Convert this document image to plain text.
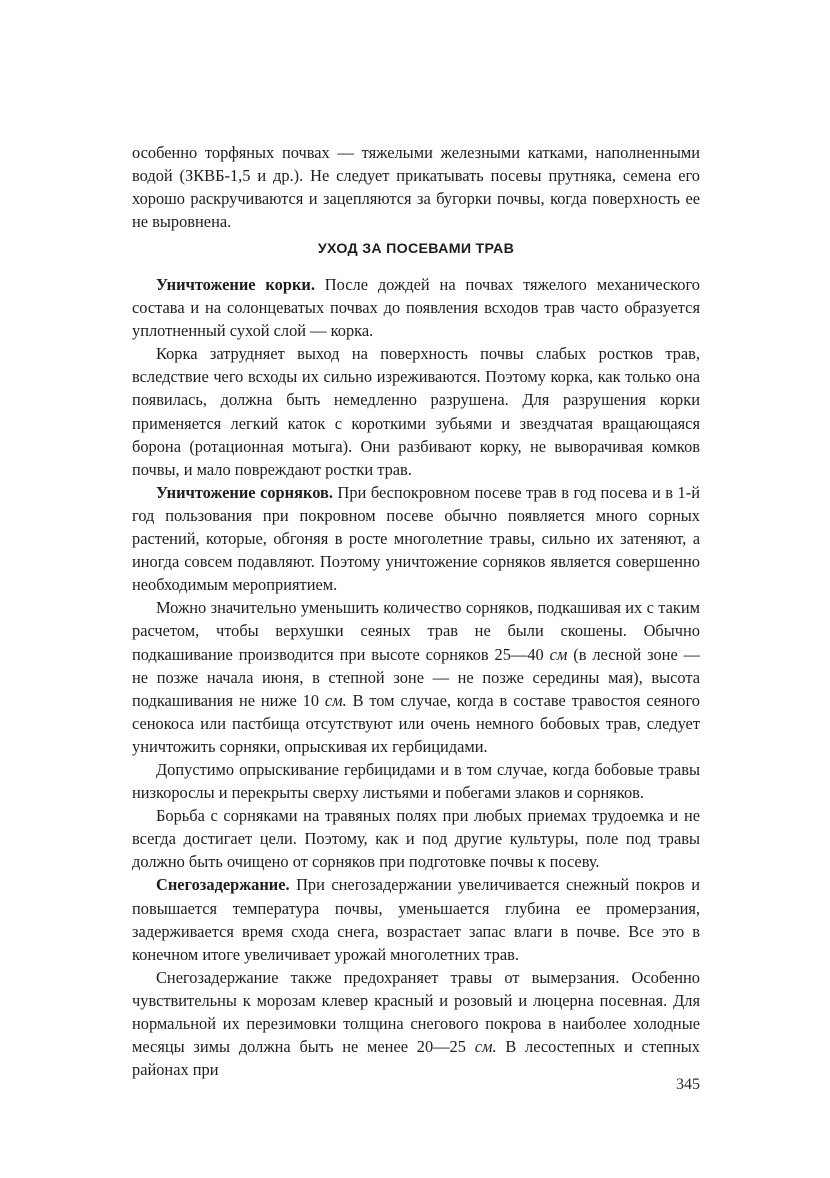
особенно торфяных почвах — тяжелыми железными катками, наполненными водой (ЗКВБ-1,5 и др.). Не следует прикатывать посевы прутняка, семена его хорошо раскручиваются и зацепляются за бугорки почвы, когда поверхность ее не выровнена.

УХОД ЗА ПОСЕВАМИ ТРАВ

Уничтожение корки. После дождей на почвах тяжелого механического состава и на солонцеватых почвах до появления всходов трав часто образуется уплотненный сухой слой — корка.

Корка затрудняет выход на поверхность почвы слабых ростков трав, вследствие чего всходы их сильно изреживаются. Поэтому корка, как только она появилась, должна быть немедленно разрушена. Для разрушения корки применяется легкий каток с короткими зубьями и звездчатая вращающаяся борона (ротационная мотыга). Они разбивают корку, не выворачивая комков почвы, и мало повреждают ростки трав.

Уничтожение сорняков. При беспокровном посеве трав в год посева и в 1-й год пользования при покровном посеве обычно появляется много сорных растений, которые, обгоняя в росте многолетние травы, сильно их затеняют, а иногда совсем подавляют. Поэтому уничтожение сорняков является совершенно необходимым мероприятием.

Можно значительно уменьшить количество сорняков, подкашивая их с таким расчетом, чтобы верхушки сеяных трав не были скошены. Обычно подкашивание производится при высоте сорняков 25—40 см (в лесной зоне — не позже начала июня, в степной зоне — не позже середины мая), высота подкашивания не ниже 10 см. В том случае, когда в составе травостоя сеяного сенокоса или пастбища отсутствуют или очень немного бобовых трав, следует уничтожить сорняки, опрыскивая их гербицидами.

Допустимо опрыскивание гербицидами и в том случае, когда бобовые травы низкорослы и перекрыты сверху листьями и побегами злаков и сорняков.

Борьба с сорняками на травяных полях при любых приемах трудоемка и не всегда достигает цели. Поэтому, как и под другие культуры, поле под травы должно быть очищено от сорняков при подготовке почвы к посеву.

Снегозадержание. При снегозадержании увеличивается снежный покров и повышается температура почвы, уменьшается глубина ее промерзания, задерживается время схода снега, возрастает запас влаги в почве. Все это в конечном итоге увеличивает урожай многолетних трав.

Снегозадержание также предохраняет травы от вымерзания. Особенно чувствительны к морозам клевер красный и розовый и люцерна посевная. Для нормальной их перезимовки толщина снегового покрова в наиболее холодные месяцы зимы должна быть не менее 20—25 см. В лесостепных и степных районах при

345
